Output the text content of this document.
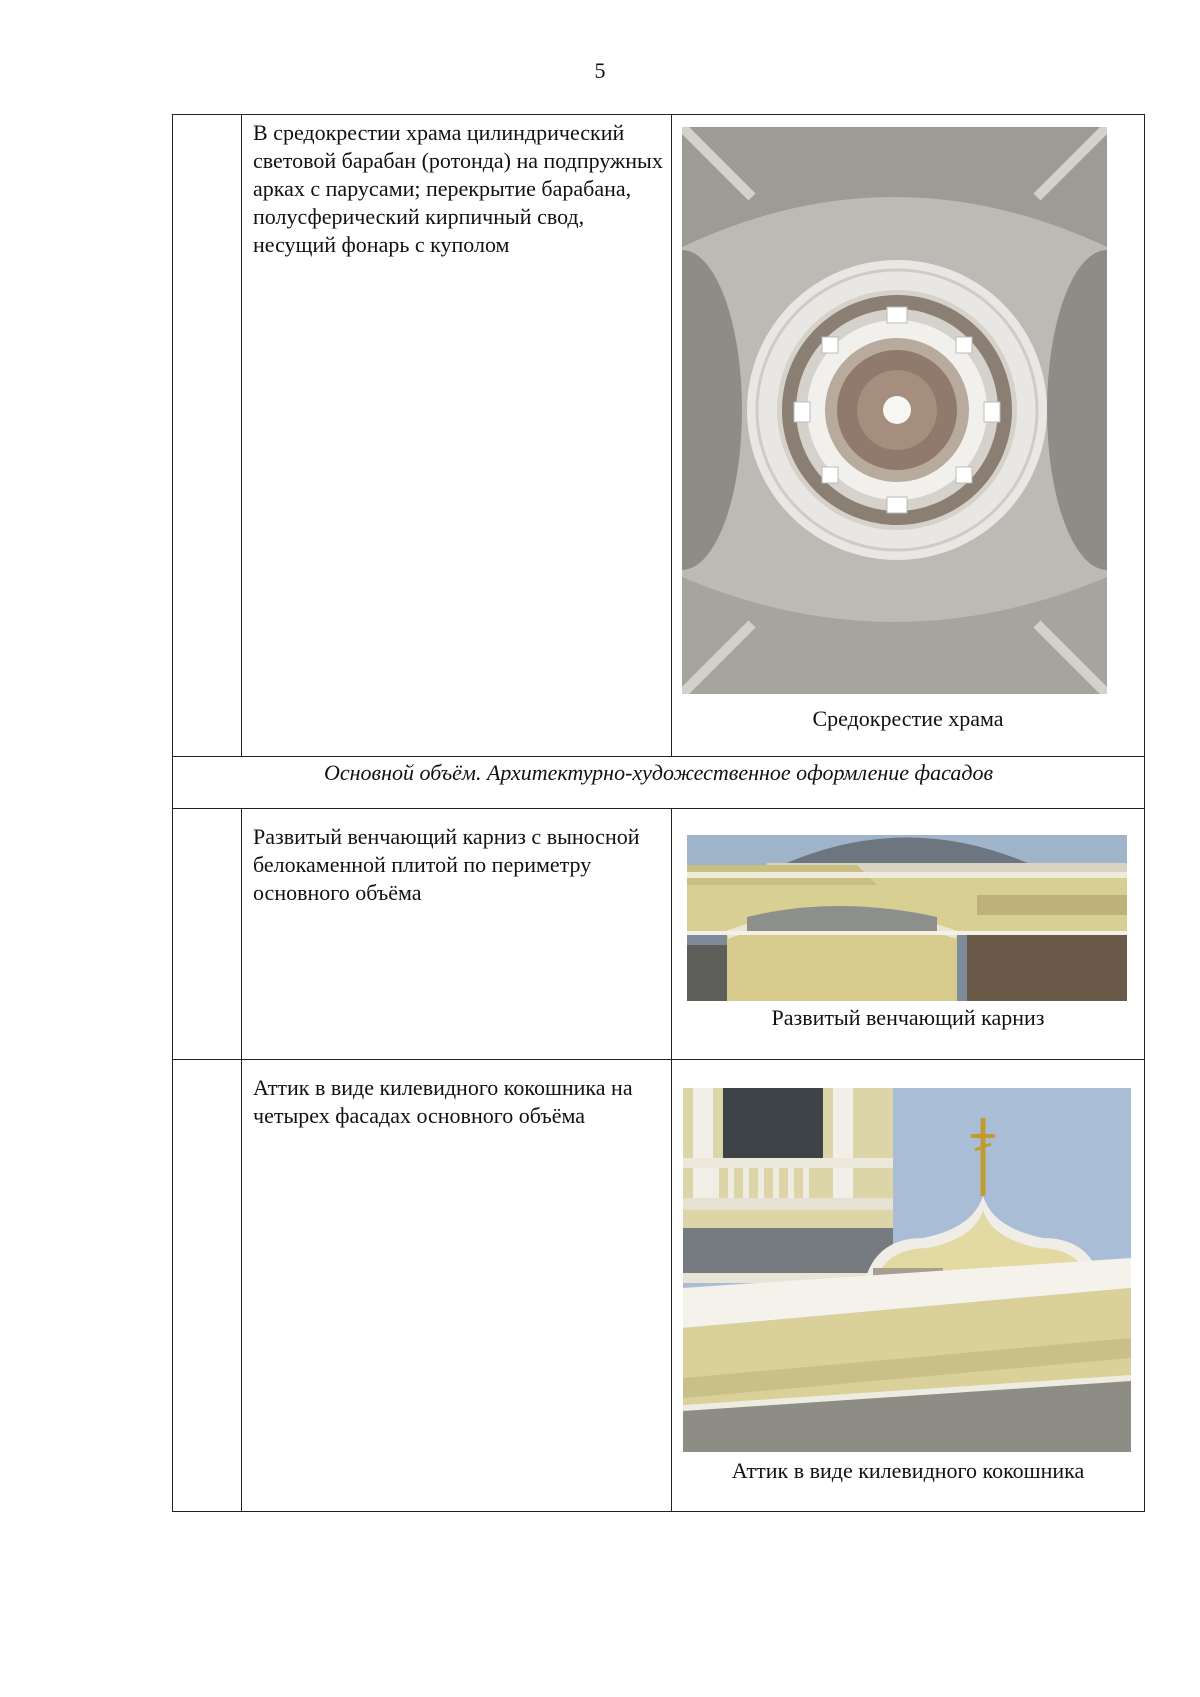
5

	В средокрестии храма цилиндрический световой барабан (ротонда) на подпружных арках с парусами; перекрытие барабана, полусферический кирпичный свод, несущий фонарь с куполом	Средокрестие храма

Основной объём. Архитектурно-художественное оформление фасадов		

	Развитый венчающий карниз с выносной белокаменной плитой по периметру основного объёма	Развитый венчающий карниз

	Аттик в виде килевидного кокошника на четырех фасадах основного объёма	Аттик в виде килевидного кокошника
